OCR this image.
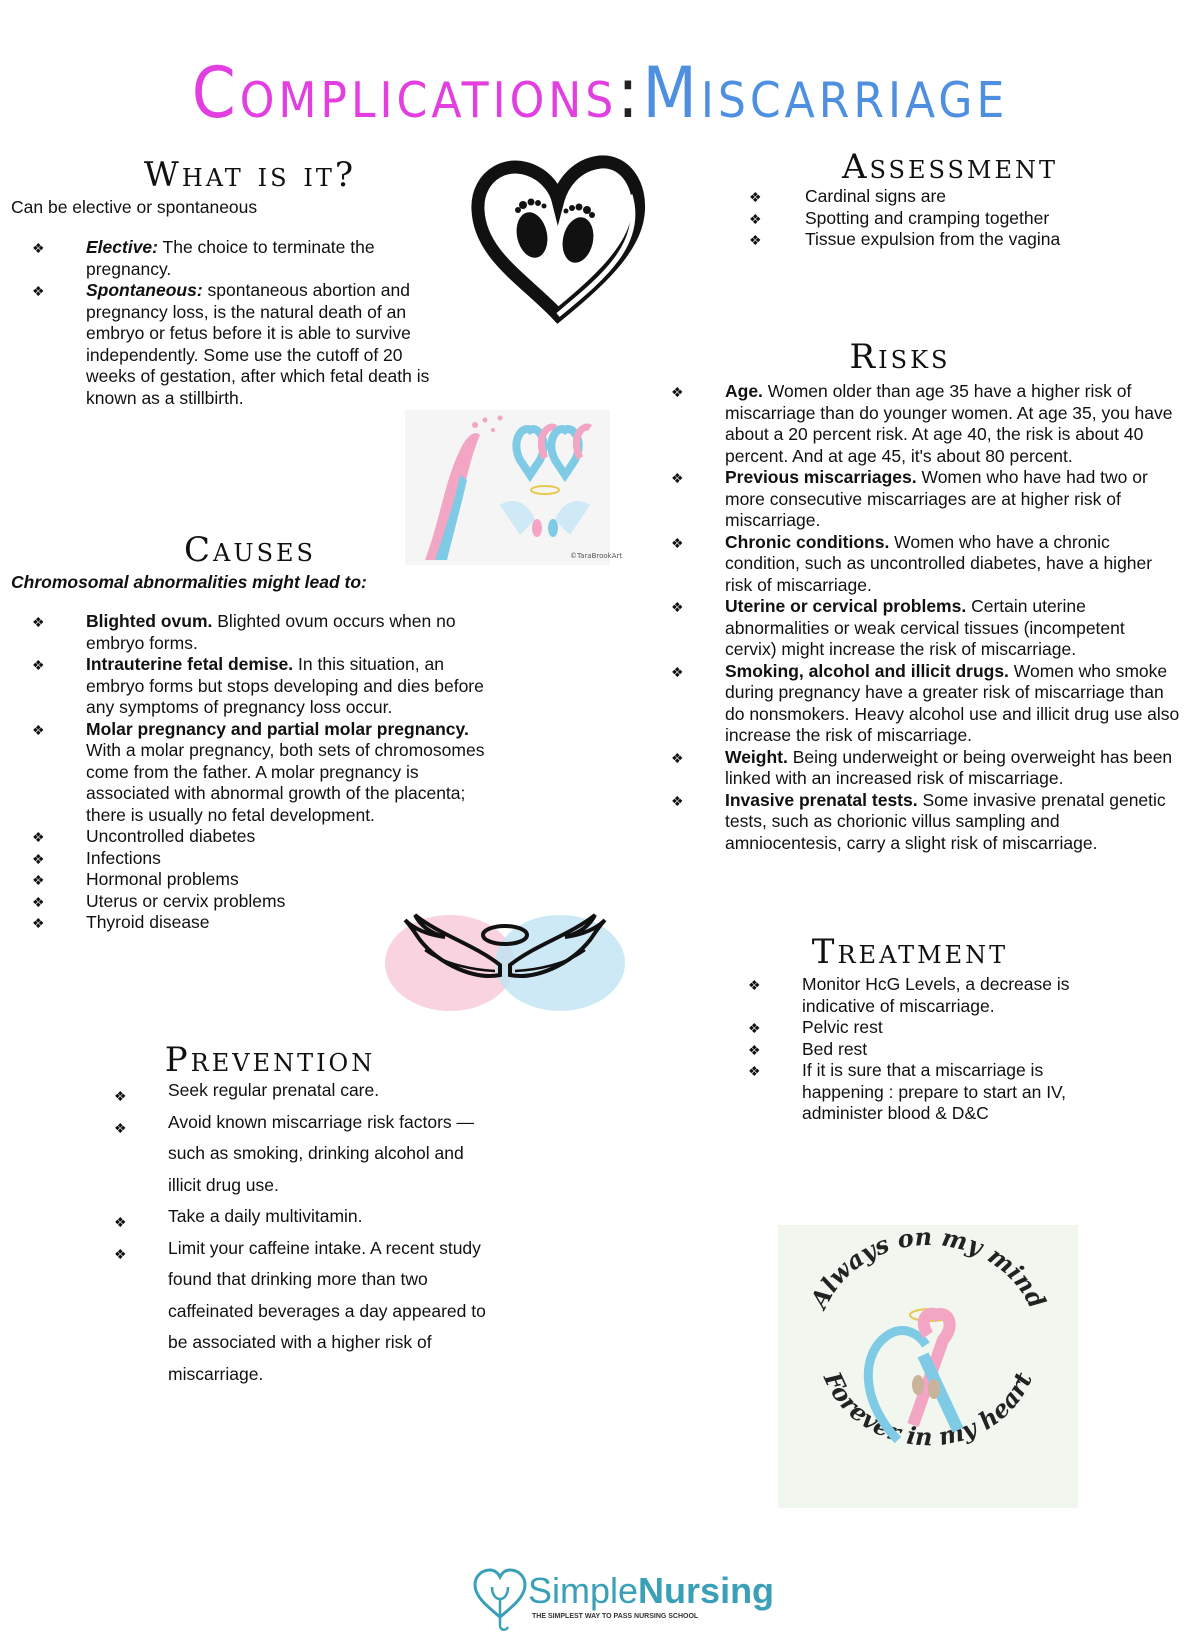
Complications:Miscarriage
What is it?
Can be elective or spontaneous
❖ Elective: The choice to terminate the pregnancy.
❖ Spontaneous: spontaneous abortion and pregnancy loss, is the natural death of an embryo or fetus before it is able to survive independently. Some use the cutoff of 20 weeks of gestation, after which fetal death is known as a stillbirth.
©TaraBrookArt
Causes
Chromosomal abnormalities might lead to:
❖ Blighted ovum. Blighted ovum occurs when no embryo forms.
❖ Intrauterine fetal demise. In this situation, an embryo forms but stops developing and dies before any symptoms of pregnancy loss occur.
❖ Molar pregnancy and partial molar pregnancy. With a molar pregnancy, both sets of chromosomes come from the father. A molar pregnancy is associated with abnormal growth of the placenta; there is usually no fetal development.
❖ Uncontrolled diabetes
❖ Infections
❖ Hormonal problems
❖ Uterus or cervix problems
❖ Thyroid disease
Prevention
❖ Seek regular prenatal care.
❖ Avoid known miscarriage risk factors — such as smoking, drinking alcohol and illicit drug use.
❖ Take a daily multivitamin.
❖ Limit your caffeine intake. A recent study found that drinking more than two caffeinated beverages a day appeared to be associated with a higher risk of miscarriage.
Assessment
❖ Cardinal signs are
❖ Spotting and cramping together
❖ Tissue expulsion from the vagina
Risks
❖ Age. Women older than age 35 have a higher risk of miscarriage than do younger women. At age 35, you have about a 20 percent risk. At age 40, the risk is about 40 percent. And at age 45, it's about 80 percent.
❖ Previous miscarriages. Women who have had two or more consecutive miscarriages are at higher risk of miscarriage.
❖ Chronic conditions. Women who have a chronic condition, such as uncontrolled diabetes, have a higher risk of miscarriage.
❖ Uterine or cervical problems. Certain uterine abnormalities or weak cervical tissues (incompetent cervix) might increase the risk of miscarriage.
❖ Smoking, alcohol and illicit drugs. Women who smoke during pregnancy have a greater risk of miscarriage than do nonsmokers. Heavy alcohol use and illicit drug use also increase the risk of miscarriage.
❖ Weight. Being underweight or being overweight has been linked with an increased risk of miscarriage.
❖ Invasive prenatal tests. Some invasive prenatal genetic tests, such as chorionic villus sampling and amniocentesis, carry a slight risk of miscarriage.
Treatment
❖ Monitor HcG Levels, a decrease is indicative of miscarriage.
❖ Pelvic rest
❖ Bed rest
❖ If it is sure that a miscarriage is happening : prepare to start an IV, administer blood & D&C
Always on my mind
Forever in my heart
SimpleNursing
THE SIMPLEST WAY TO PASS NURSING SCHOOL
